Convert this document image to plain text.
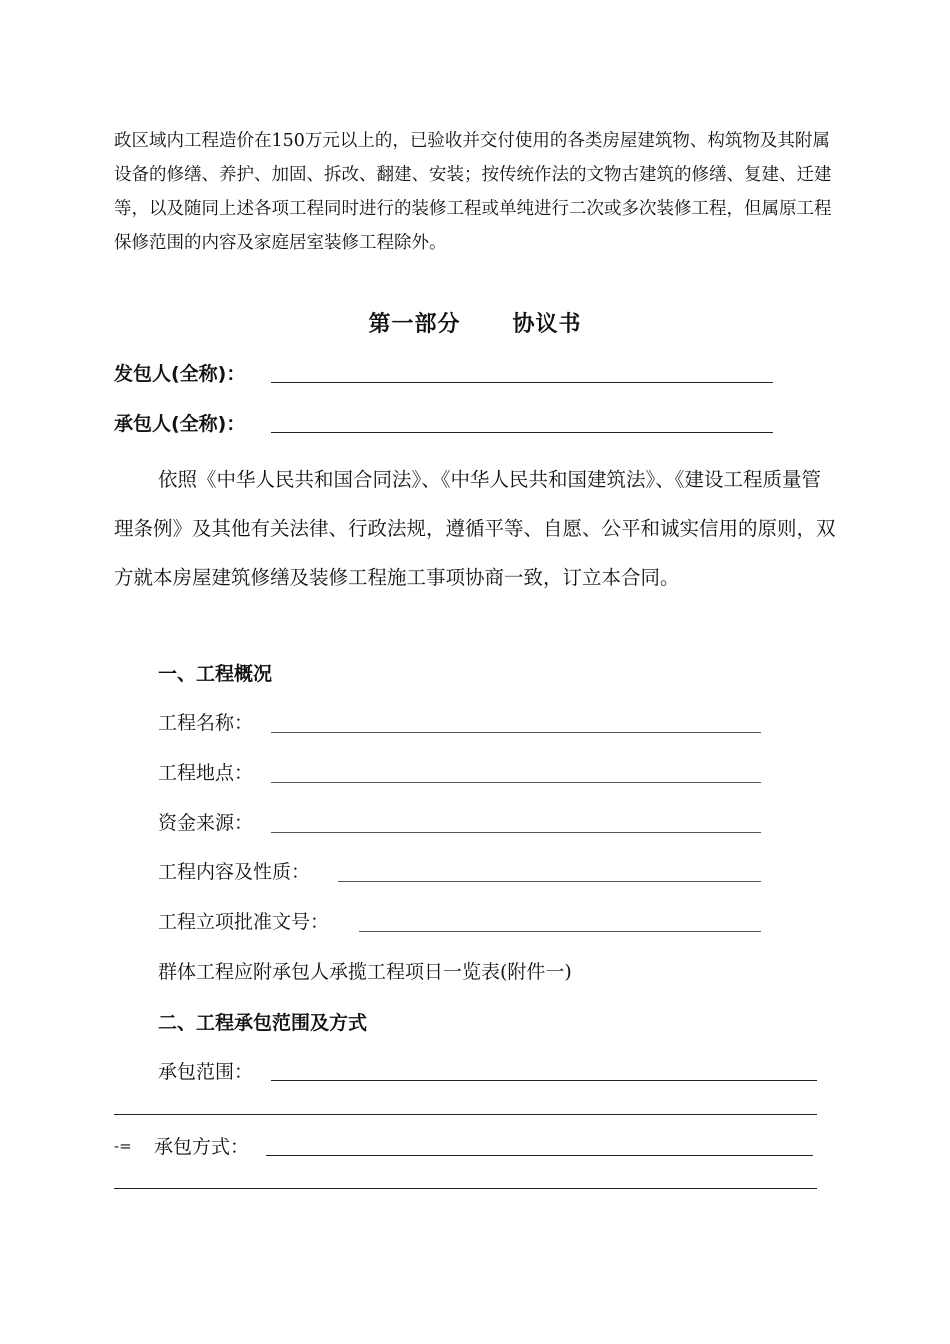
政区域内工程造价在150万元以上的，已验收并交付使用的各类房屋建筑物、构筑物及其附属设备的修缮、养护、加固、拆改、翻建、安装；按传统作法的文物古建筑的修缮、复建、迁建等，以及随同上述各项工程同时进行的装修工程或单纯进行二次或多次装修工程，但属原工程保修范围的内容及家庭居室装修工程除外。

第一部分 协议书
发包人(全称)：
承包人(全称)：

依照《中华人民共和国合同法》、《中华人民共和国建筑法》、《建设工程质量管理条例》及其他有关法律、行政法规，遵循平等、自愿、公平和诚实信用的原则，双方就本房屋建筑修缮及装修工程施工事项协商一致，订立本合同。

一、工程概况
工程名称：
工程地点：
资金来源：
工程内容及性质：
工程立项批准文号：
群体工程应附承包人承揽工程项日一览表(附件一)
二、工程承包范围及方式
承包范围：
-= 承包方式：
